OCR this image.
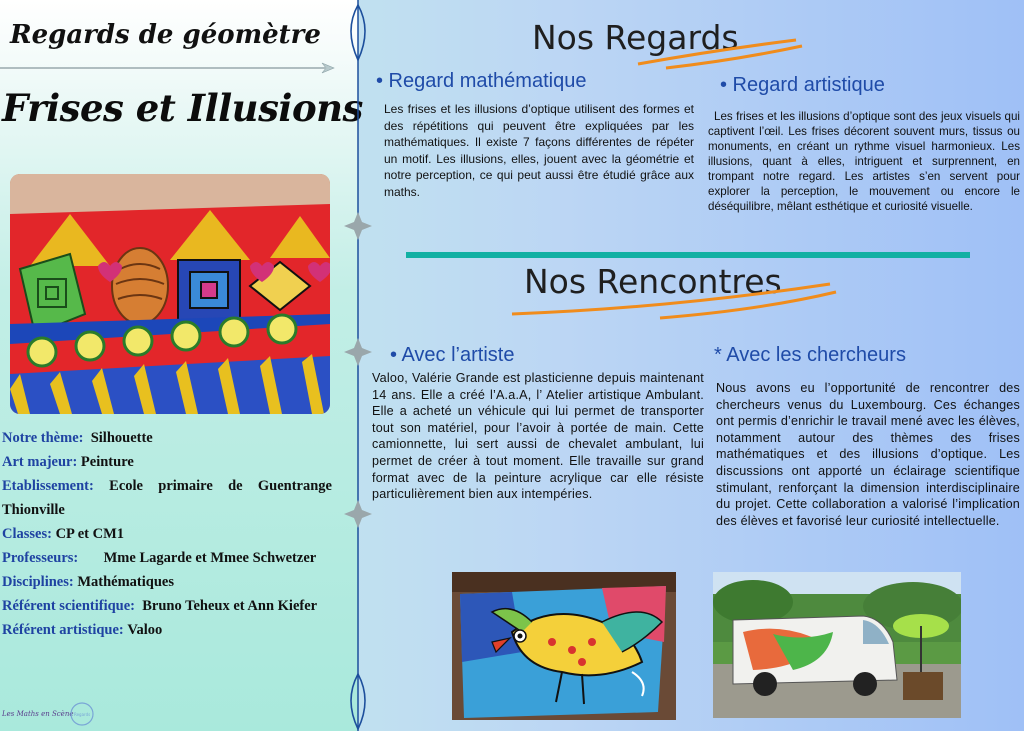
Regards de géomètre
Frises et Illusions
Notre thème: Silhouette
Art majeur: Peinture
Etablissement: Ecole primaire de Guentrange Thionville
Classes: CP et CM1
Professeurs: Mme Lagarde et Mmee Schwetzer
Disciplines: Mathématiques
Référent scientifique: Bruno Teheux et Ann Kiefer
Référent artistique: Valoo
Les Maths en Scène Regards
Nos Regards
• Regard mathématique
Les frises et les illusions d’optique utilisent des formes et des répétitions qui peuvent être expliquées par les mathématiques. Il existe 7 façons différentes de répéter un motif. Les illusions, elles, jouent avec la géométrie et notre perception, ce qui peut aussi être étudié grâce aux maths.
• Regard artistique
Les frises et les illusions d’optique sont des jeux visuels qui captivent l’œil. Les frises décorent souvent murs, tissus ou monuments, en créant un rythme visuel harmonieux. Les illusions, quant à elles, intriguent et surprennent, en trompant notre regard. Les artistes s’en servent pour explorer la perception, le mouvement ou encore le déséquilibre, mêlant esthétique et curiosité visuelle.
Nos Rencontres
• Avec l’artiste
Valoo, Valérie Grande est plasticienne depuis maintenant 14 ans. Elle a créé l’A.a.A, l’ Atelier artistique Ambulant. Elle a acheté un véhicule qui lui permet de transporter tout son matériel, pour l’avoir à portée de main. Cette camionnette, lui sert aussi de chevalet ambulant, lui permet de créer à tout moment. Elle travaille sur grand format avec de la peinture acrylique car elle résiste particulièrement bien aux intempéries.
* Avec les chercheurs
Nous avons eu l’opportunité de rencontrer des chercheurs venus du Luxembourg. Ces échanges ont permis d’enrichir le travail mené avec les élèves, notamment autour des thèmes des frises mathématiques et des illusions d’optique. Les discussions ont apporté un éclairage scientifique stimulant, renforçant la dimension interdisciplinaire du projet. Cette collaboration a valorisé l’implication des élèves et favorisé leur curiosité intellectuelle.
